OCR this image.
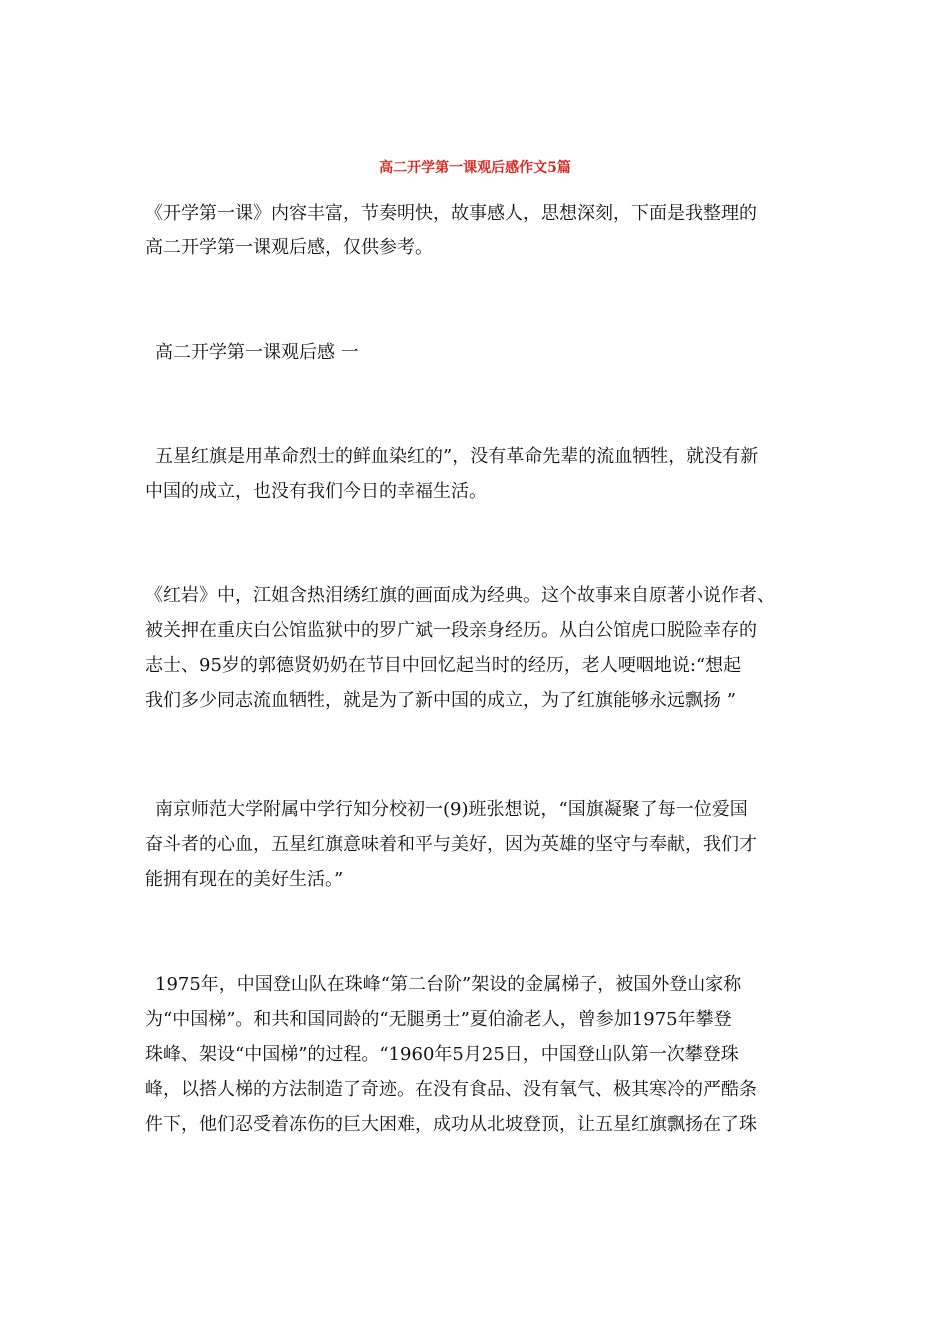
高二开学第一课观后感作文5篇
《开学第一课》内容丰富，节奏明快，故事感人，思想深刻，下面是我整理的
高二开学第一课观后感，仅供参考。
高二开学第一课观后感 一
五星红旗是用革命烈士的鲜血染红的”，没有革命先辈的流血牺牲，就没有新
中国的成立，也没有我们今日的幸福生活。
《红岩》中，江姐含热泪绣红旗的画面成为经典。这个故事来自原著小说作者、
被关押在重庆白公馆监狱中的罗广斌一段亲身经历。从白公馆虎口脱险幸存的
志士、95岁的郭德贤奶奶在节目中回忆起当时的经历，老人哽咽地说:“想起
我们多少同志流血牺牲，就是为了新中国的成立，为了红旗能够永远飘扬 ”
南京师范大学附属中学行知分校初一(9)班张想说，“国旗凝聚了每一位爱国
奋斗者的心血，五星红旗意味着和平与美好，因为英雄的坚守与奉献，我们才
能拥有现在的美好生活。”
1975年，中国登山队在珠峰“第二台阶”架设的金属梯子，被国外登山家称
为“中国梯”。和共和国同龄的“无腿勇士”夏伯渝老人，曾参加1975年攀登
珠峰、架设“中国梯”的过程。“1960年5月25日，中国登山队第一次攀登珠
峰，以搭人梯的方法制造了奇迹。在没有食品、没有氧气、极其寒冷的严酷条
件下，他们忍受着冻伤的巨大困难，成功从北坡登顶，让五星红旗飘扬在了珠
